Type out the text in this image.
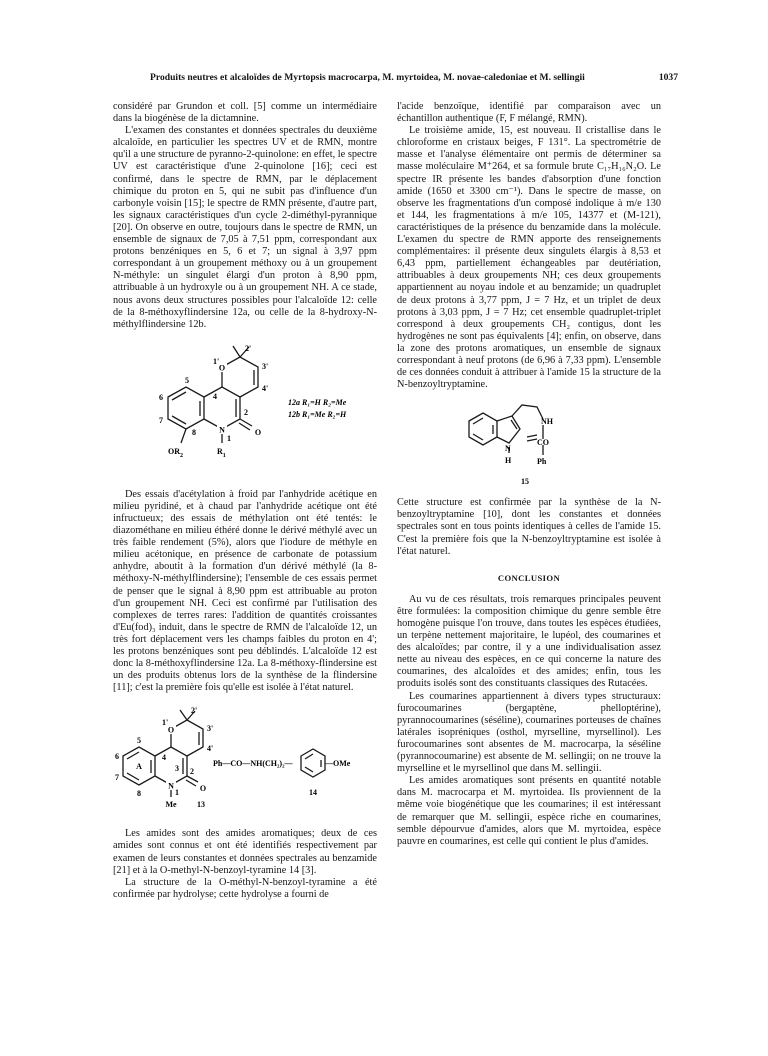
Produits neutres et alcaloïdes de Myrtopsis macrocarpa, M. myrtoidea, M. novae-caledoniae et M. sellingii	1037

considéré par Grundon et coll. [5] comme un intermédiaire dans la biogénèse de la dictamnine.

L'examen des constantes et données spectrales du deuxième alcaloïde, en particulier les spectres UV et de RMN, montre qu'il a une structure de pyranno-2-quinolone: en effet, le spectre UV est caractéristique d'une 2-quinolone [16]; ceci est confirmé, dans le spectre de RMN, par le déplacement chimique du proton en 5, qui ne subit pas d'influence d'un carbonyle voisin [15]; le spectre de RMN présente, d'autre part, les signaux caractéristiques d'un cycle 2-diméthyl-pyrannique [20]. On observe en outre, toujours dans le spectre de RMN, un ensemble de signaux de 7,05 à 7,51 ppm, correspondant aux protons benzéniques en 5, 6 et 7; un signal à 3,97 ppm correspondant à un groupement méthoxy ou à un groupement N-méthyle: un singulet élargi d'un proton à 8,90 ppm, attribuable à un hydroxyle ou à un groupement NH. A ce stade, nous avons deux structures possibles pour l'alcaloïde 12: celle de la 8-méthoxyflindersine 12a, ou celle de la 8-hydroxy-N-méthylflindersine 12b.

O
N	O
1'
2'
3'
4'
4
5
6
7
8
1
2
$OR_2$	$R_1$
12a R₁=H R₂=Me
12b R₁=Me R₂=H

Des essais d'acétylation à froid par l'anhydride acétique en milieu pyridiné, et à chaud par l'anhydride acétique ont été infructueux; des essais de méthylation ont été tentés: le diazométhane en milieu éthéré donne le dérivé méthylé avec un très faible rendement (5%), alors que l'iodure de méthyle en milieu acétonique, en présence de carbonate de potassium anhydre, aboutit à la formation d'un dérivé méthylé (la 8-méthoxy-N-méthylflindersine); l'ensemble de ces essais permet de penser que le signal à 8,90 ppm est attribuable au proton d'un groupement NH. Ceci est confirmé par l'utilisation des complexes de terres rares: l'addition de quantités croissantes d'Eu(fod)₃ induit, dans le spectre de RMN de l'alcaloïde 12, un très fort déplacement vers les champs faibles du proton en 4'; les protons benzéniques sont peu déblindés. L'alcaloïde 12 est donc la 8-méthoxyflindersine 12a. La 8-méthoxy-flindersine est un des produits obtenus lors de la synthèse de la flindersine [11]; c'est la première fois qu'elle est isolée à l'état naturel.

O
N	O
A
1'
2'
3'
4'
4
3 2
1
5
6
7
8
Me	13
Ph—CO—NH(CH₂)₂—	—OMe
14

Les amides sont des amides aromatiques; deux de ces amides sont connus et ont été identifiés respectivement par examen de leurs constantes et données spectrales au benzamide [21] et à la O-methyl-N-benzoyl-tyramine 14 [3].

La structure de la O-méthyl-N-benzoyl-tyramine a été confirmée par hydrolyse; cette hydrolyse a fourni de

l'acide benzoïque, identifié par comparaison avec un échantillon authentique (F, F mélangé, RMN).

Le troisième amide, 15, est nouveau. Il cristallise dans le chloroforme en cristaux beiges, F 131°. La spectrométrie de masse et l'analyse élémentaire ont permis de déterminer sa masse moléculaire M⁺264, et sa formule brute C₁₇H₁₆N₂O. Le spectre IR présente les bandes d'absorption d'une fonction amide (1650 et 3300 cm⁻¹). Dans le spectre de masse, on observe les fragmentations d'un composé indolique à m/e 130 et 144, les fragmentations à m/e 105, 14377 et (M-121), caractéristiques de la présence du benzamide dans la molécule. L'examen du spectre de RMN apporte des renseignements complémentaires: il présente deux singulets élargis à 8,53 et 6,43 ppm, partiellement échangeables par deutériation, attribuables à deux groupements NH; ces deux groupements appartiennent au noyau indole et au benzamide; un quadruplet de deux protons à 3,77 ppm, J = 7 Hz, et un triplet de deux protons à 3,03 ppm, J = 7 Hz; cet ensemble quadruplet-triplet correspond à deux groupements CH₂ contigus, dont les hydrogènes ne sont pas équivalents [4]; enfin, on observe, dans la zone des protons aromatiques, un ensemble de signaux correspondant à neuf protons (de 6,96 à 7,33 ppm). L'ensemble de ces données conduit à attribuer à l'amide 15 la structure de la N-benzoyltryptamine.

NH
N
H
CO
Ph
15

Cette structure est confirmée par la synthèse de la N-benzoyltryptamine [10], dont les constantes et données spectrales sont en tous points identiques à celles de l'amide 15. C'est la première fois que la N-benzoyltryptamine est isolée à l'état naturel.

CONCLUSION

Au vu de ces résultats, trois remarques principales peuvent être formulées: la composition chimique du genre semble être homogène puisque l'on trouve, dans toutes les espèces étudiées, un terpène nettement majoritaire, le lupéol, des coumarines et des alcaloïdes; par contre, il y a une individualisation assez nette au niveau des espèces, en ce qui concerne la nature des coumarines, des alcaloïdes et des amides; enfin, tous les produits isolés sont des constituants classiques des Rutacées.

Les coumarines appartiennent à divers types structuraux: furocoumarines (bergaptène, phelloptérine), pyrannocoumarines (séséline), coumarines porteuses de chaînes latérales isopréniques (osthol, myrselline, myrsellinol). Les furocoumarines sont absentes de M. macrocarpa, la séséline (pyrannocoumarine) est absente de M. sellingii; on ne trouve la myrselline et le myrsellinol que dans M. sellingii.

Les amides aromatiques sont présents en quantité notable dans M. macrocarpa et M. myrtoidea. Ils proviennent de la même voie biogénétique que les coumarines; il est intéressant de remarquer que M. sellingii, espèce riche en coumarines, semble dépourvue d'amides, alors que M. myrtoidea, espèce pauvre en coumarines, est celle qui contient le plus d'amides.
